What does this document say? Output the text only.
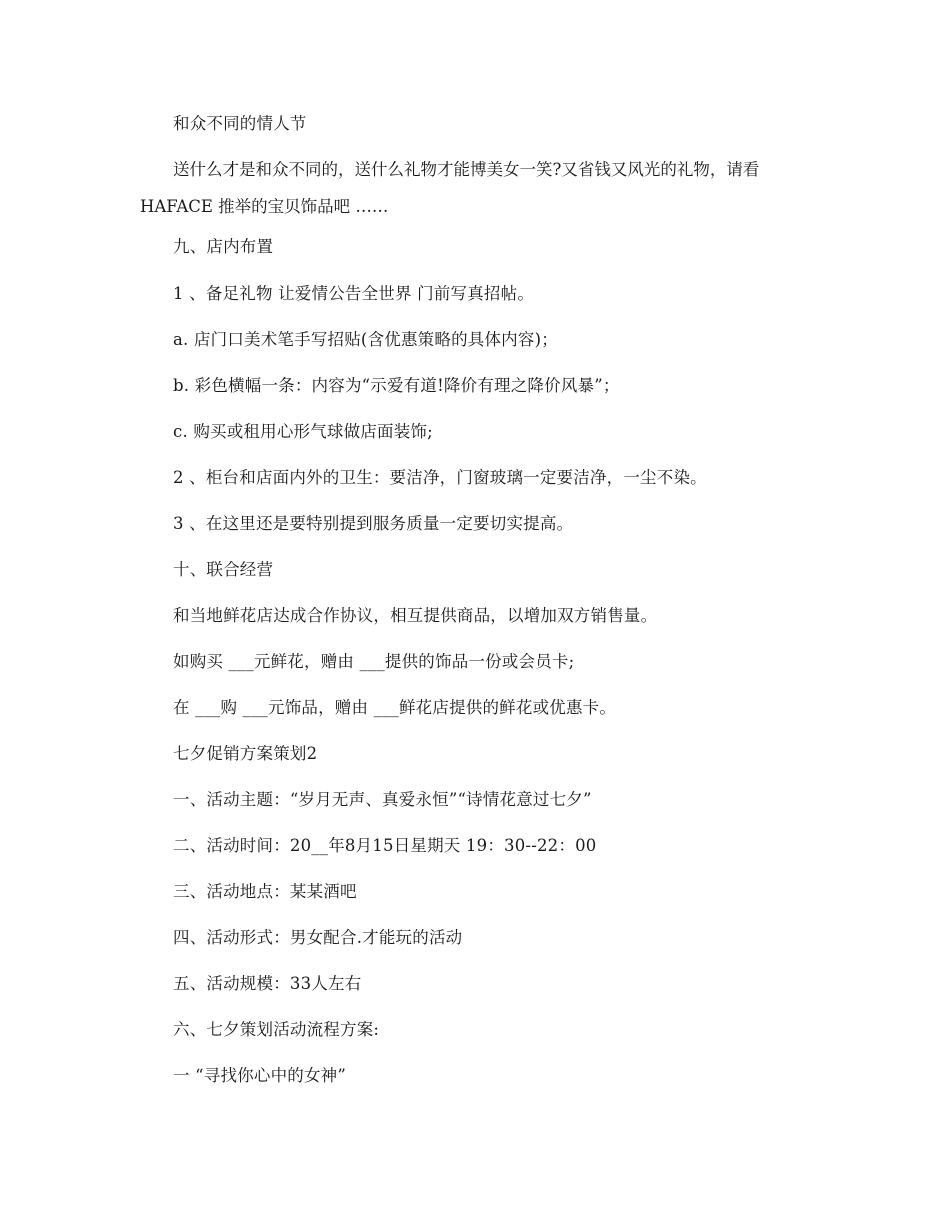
和众不同的情人节
送什么才是和众不同的，送什么礼物才能博美女一笑?又省钱又风光的礼物，请看
HAFACE 推举的宝贝饰品吧 ……
九、店内布置
1 、备足礼物 让爱情公告全世界 门前写真招帖。
a. 店门口美术笔手写招贴(含优惠策略的具体内容)；
b. 彩色横幅一条：内容为“示爱有道!降价有理之降价风暴”；
c. 购买或租用心形气球做店面装饰;
2 、柜台和店面内外的卫生：要洁净，门窗玻璃一定要洁净，一尘不染。
3 、在这里还是要特别提到服务质量一定要切实提高。
十、联合经营
和当地鲜花店达成合作协议，相互提供商品，以增加双方销售量。
如购买 ___元鲜花，赠由 ___提供的饰品一份或会员卡;
在 ___购 ___元饰品，赠由 ___鲜花店提供的鲜花或优惠卡。
七夕促销方案策划2
一、活动主题：“岁月无声、真爱永恒”“诗情花意过七夕”
二、活动时间：20__年8月15日星期天 19：30--22：00
三、活动地点：某某酒吧
四、活动形式：男女配合.才能玩的活动
五、活动规模：33人左右
六、七夕策划活动流程方案:
一 “寻找你心中的女神”
